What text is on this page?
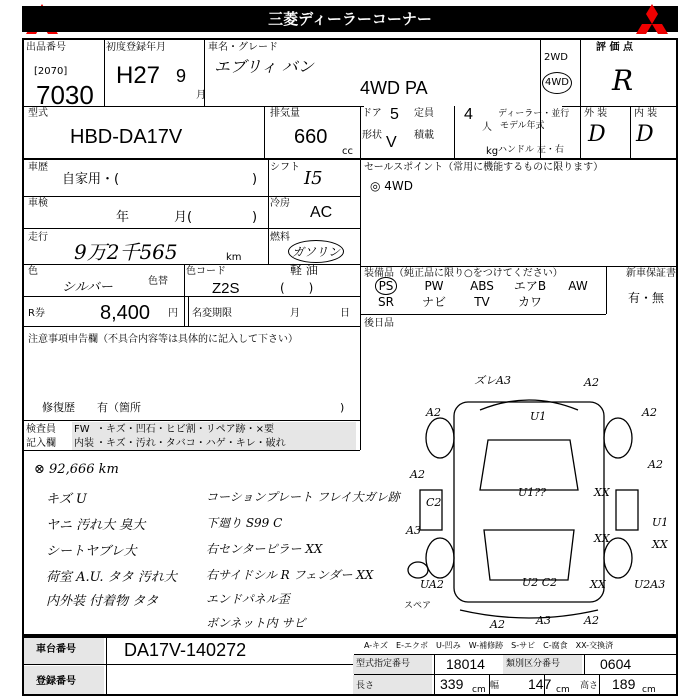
三菱ディーラーコーナー
出品番号
[2070]
7030
初度登録年月
H27 9
月
車名・グレード
エブリィ バン
4WD PA
2WD
4WD
評 価 点
R
型式
HBD-DA17V
排気量
660
cc
ドア 5 定員 4
人
形状 V 積載
kg
ディーラー・並行
モデル年式
ハンドル 左・右
外 装	内 装
D D
車歴
自家用・(	)
シフト
I5
セールスポイント（常用に機能するものに限ります）
◎ 4WD
車検
年	月(	)
冷房
AC
走行
9万2千565	km
燃料
ガソリン
軽 油
(　　)
色
シルバー	色替
色コード
Z2S
装備品（純正品に限り○をつけてください）	新車保証書
有・無
PS	PW	ABS	エアB	AW
SR	ナビ	TV	カワ
後日品
R券	8,400 円 名変期限	月	日
注意事項申告欄（不具合内容等は具体的に記入して下さい）
修復歴　　有（箇所	)
検査員
記入欄
FW ・キズ・凹石・ヒビ割・リペア跡・×要
内装 ・キズ・汚れ・タバコ・ハゲ・キレ・破れ
⊗ 92,666 km
キズ U
ヤニ 汚れ大 臭大
シートヤブレ大
荷室 A.U. タタ 汚れ大
内外装 付着物 タタ
コーションプレート フレイ大ガレ跡
下廻り S99 C
右センターピラー XX
右サイドシル R フェンダー XX
エンドパネル歪
ボンネット内 サビ
ズレA3	A2
A2	A2
U1
A2
A2
U1??	XX
C2
XX
A3
U1
XX
UA2	U2 C2	XX	U2A3
A2	A3	A2
スペア
車台番号	DA17V-140272
登録番号
A-キズ　E-エクボ　U-凹み　W-補修跡　S-サビ　C-腐食　XX-交換済
型式指定番号	18014 類別区分番号	0604
長さ	339 cm 幅 147 cm 高さ 189 cm
